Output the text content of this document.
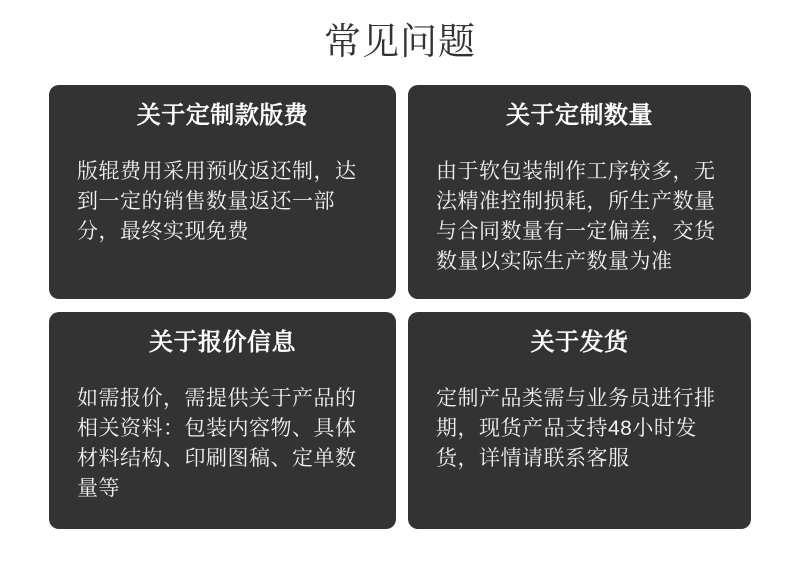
常见问题
关于定制款版费
版辊费用采用预收返还制，达
到一定的销售数量返还一部
分，最终实现免费
关于定制数量
由于软包装制作工序较多，无
法精准控制损耗，所生产数量
与合同数量有一定偏差，交货
数量以实际生产数量为准
关于报价信息
如需报价，需提供关于产品的
相关资料：包装内容物、具体
材料结构、印刷图稿、定单数
量等
关于发货
定制产品类需与业务员进行排
期，现货产品支持48小时发
货，详情请联系客服
